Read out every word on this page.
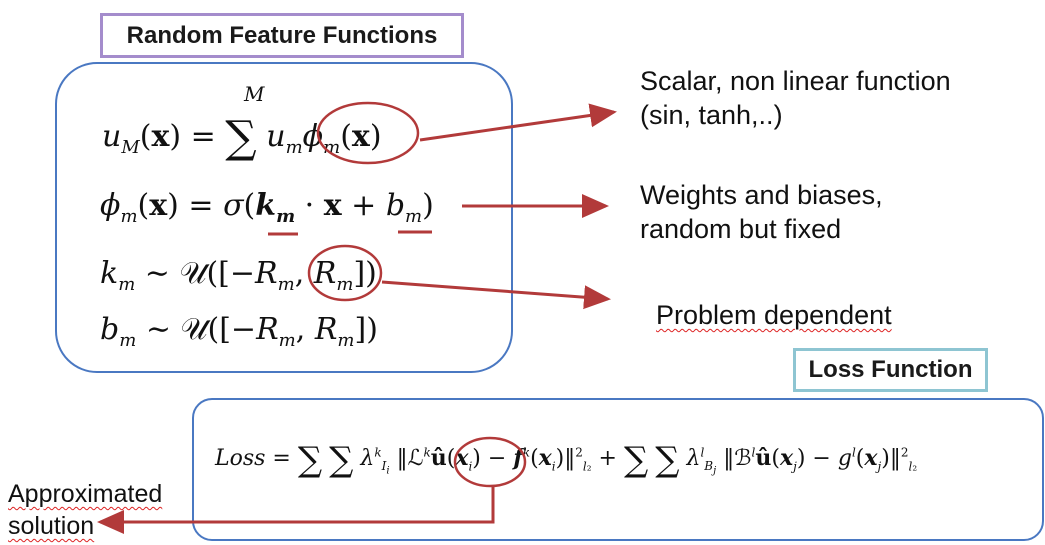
Random Feature Functions
Loss Function
$u_M(x)$ = ∑ $u_m\phi_m(x)$
M
$\phi_m(x) = \sigma(k_m \cdot x + b_m)$
$k_m$ ∼ $𝒰([-R_m$, $R_m$])
$b_m$ ∼ $𝒰([-R_m$, $R_m$])
Loss = ∑ ∑ $\lambda^k_{I_i}$ $‖ℒ^kû(x_i)$ − $f^k(x_i)‖^2_{l_2}$ + ∑ ∑ $\lambda^l_{B_j}$ $‖ℬ^lû(x_j)$ − $g^l(x_j)‖^2_{l_2}$
Scalar, non linear function
(sin, tanh,..)
Weights and biases,
random but fixed
Problem dependent
Approximated
solution
